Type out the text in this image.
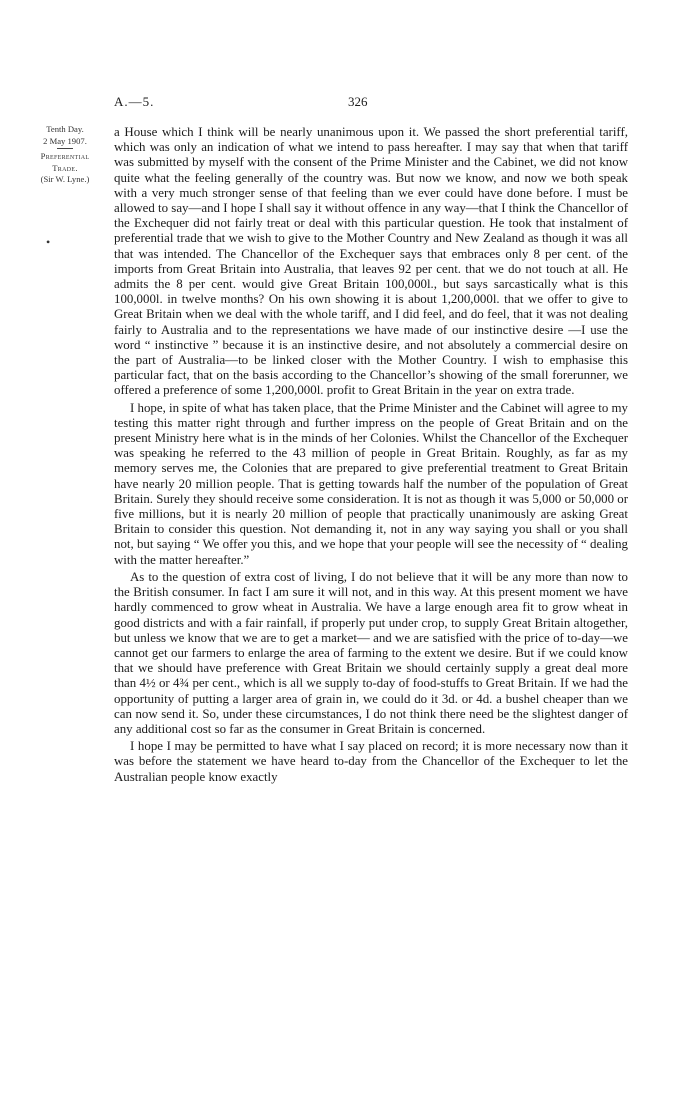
A.—5.	326
Tenth Day.
2 May 1907.
Preferential
Trade.
(Sir W. Lyne.)
•

a House which I think will be nearly unanimous upon it. We passed the short preferential tariff, which was only an indication of what we intend to pass hereafter. I may say that when that tariff was submitted by myself with the consent of the Prime Minister and the Cabinet, we did not know quite what the feeling generally of the country was. But now we know, and now we both speak with a very much stronger sense of that feeling than we ever could have done before. I must be allowed to say—and I hope I shall say it without offence in any way—that I think the Chancellor of the Exchequer did not fairly treat or deal with this particular question. He took that instalment of preferential trade that we wish to give to the Mother Country and New Zealand as though it was all that was intended. The Chancellor of the Exchequer says that embraces only 8 per cent. of the imports from Great Britain into Australia, that leaves 92 per cent. that we do not touch at all. He admits the 8 per cent. would give Great Britain 100,000l., but says sarcastically what is this 100,000l. in twelve months? On his own showing it is about 1,200,000l. that we offer to give to Great Britain when we deal with the whole tariff, and I did feel, and do feel, that it was not dealing fairly to Australia and to the representations we have made of our instinctive desire —I use the word “ instinctive ” because it is an instinctive desire, and not absolutely a commercial desire on the part of Australia—to be linked closer with the Mother Country. I wish to emphasise this particular fact, that on the basis according to the Chancellor’s showing of the small forerunner, we offered a preference of some 1,200,000l. profit to Great Britain in the year on extra trade.

I hope, in spite of what has taken place, that the Prime Minister and the Cabinet will agree to my testing this matter right through and further impress on the people of Great Britain and on the present Ministry here what is in the minds of her Colonies. Whilst the Chancellor of the Exchequer was speaking he referred to the 43 million of people in Great Britain. Roughly, as far as my memory serves me, the Colonies that are prepared to give preferential treatment to Great Britain have nearly 20 million people. That is getting towards half the number of the population of Great Britain. Surely they should receive some consideration. It is not as though it was 5,000 or 50,000 or five millions, but it is nearly 20 million of people that practically unanimously are asking Great Britain to consider this question. Not demanding it, not in any way saying you shall or you shall not, but saying “ We offer you this, and we hope that your people will see the necessity of “ dealing with the matter hereafter.”

As to the question of extra cost of living, I do not believe that it will be any more than now to the British consumer. In fact I am sure it will not, and in this way. At this present moment we have hardly commenced to grow wheat in Australia. We have a large enough area fit to grow wheat in good districts and with a fair rainfall, if properly put under crop, to supply Great Britain altogether, but unless we know that we are to get a market— and we are satisfied with the price of to-day—we cannot get our farmers to enlarge the area of farming to the extent we desire. But if we could know that we should have preference with Great Britain we should certainly supply a great deal more than 4½ or 4¾ per cent., which is all we supply to-day of food-stuffs to Great Britain. If we had the opportunity of putting a larger area of grain in, we could do it 3d. or 4d. a bushel cheaper than we can now send it. So, under these circumstances, I do not think there need be the slightest danger of any additional cost so far as the consumer in Great Britain is concerned.

I hope I may be permitted to have what I say placed on record; it is more necessary now than it was before the statement we have heard to-day from the Chancellor of the Exchequer to let the Australian people know exactly
